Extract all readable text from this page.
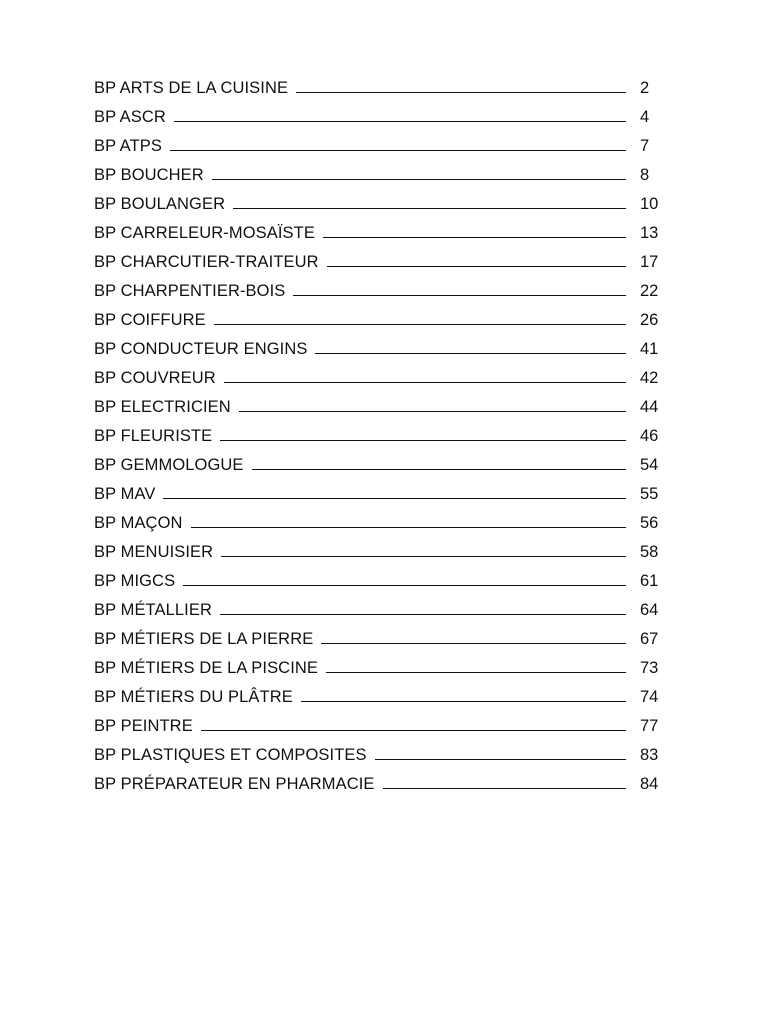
BP ARTS DE LA CUISINE	2
BP ASCR	4
BP ATPS	7
BP BOUCHER	8
BP BOULANGER	10
BP CARRELEUR-MOSAÏSTE	13
BP CHARCUTIER-TRAITEUR	17
BP CHARPENTIER-BOIS	22
BP COIFFURE	26
BP CONDUCTEUR ENGINS	41
BP COUVREUR	42
BP ELECTRICIEN	44
BP FLEURISTE	46
BP GEMMOLOGUE	54
BP MAV	55
BP MAÇON	56
BP MENUISIER	58
BP MIGCS	61
BP MÉTALLIER	64
BP MÉTIERS DE LA PIERRE	67
BP MÉTIERS DE LA PISCINE	73
BP MÉTIERS DU PLÂTRE	74
BP PEINTRE	77
BP PLASTIQUES ET COMPOSITES	83
BP PRÉPARATEUR EN PHARMACIE	84
